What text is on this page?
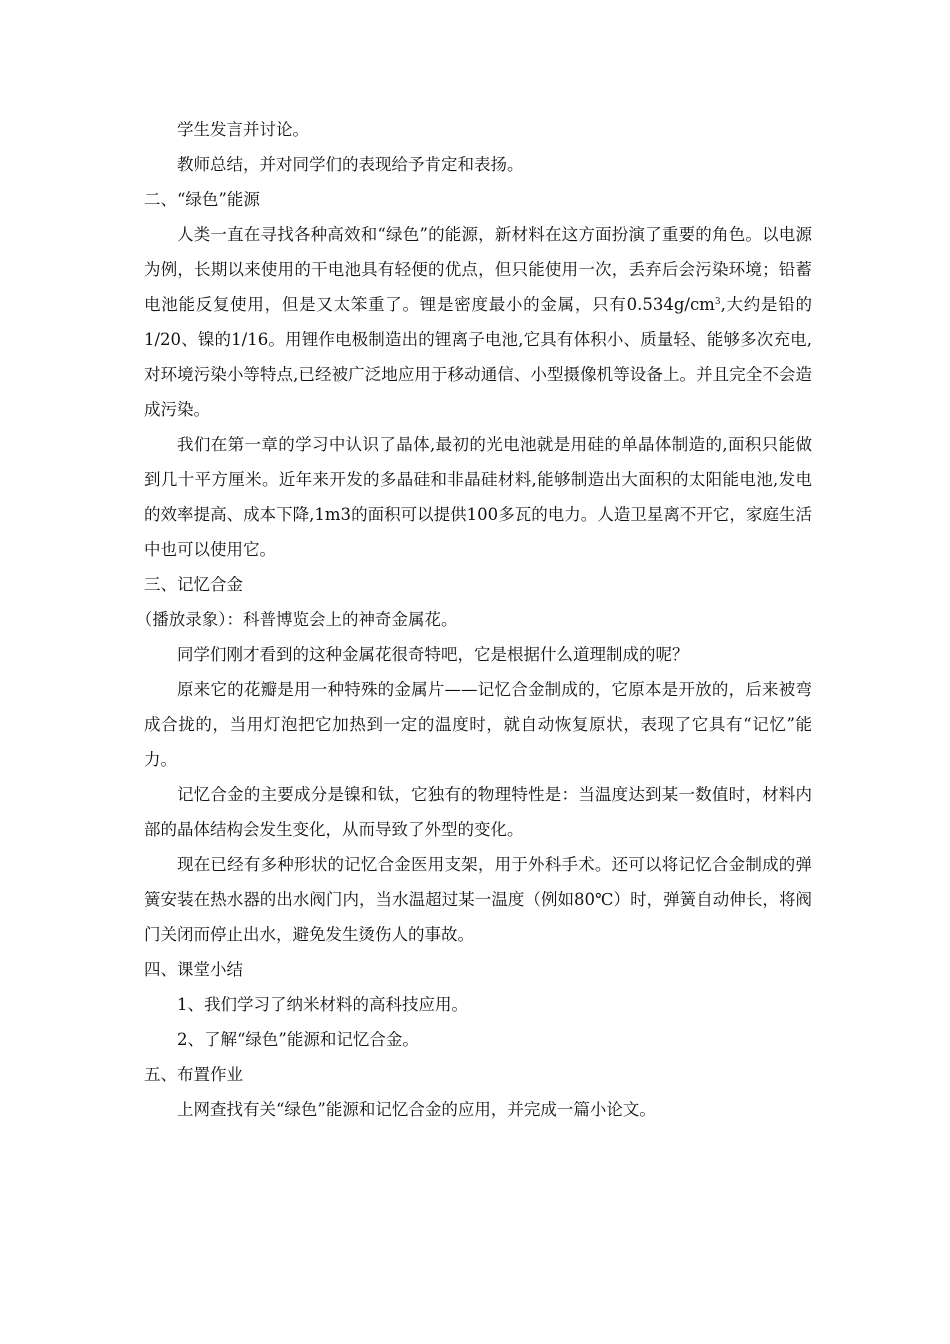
学生发言并讨论。

教师总结，并对同学们的表现给予肯定和表扬。

二、“绿色”能源

人类一直在寻找各种高效和“绿色”的能源，新材料在这方面扮演了重要的角色。以电源为例，长期以来使用的干电池具有轻便的优点，但只能使用一次，丢弃后会污染环境；铅蓄电池能反复使用，但是又太笨重了。锂是密度最小的金属，只有$0.534g/cm^3$,大约是铅的1/20、镍的1/16。用锂作电极制造出的锂离子电池,它具有体积小、质量轻、能够多次充电,对环境污染小等特点,已经被广泛地应用于移动通信、小型摄像机等设备上。并且完全不会造成污染。

我们在第一章的学习中认识了晶体,最初的光电池就是用硅的单晶体制造的,面积只能做到几十平方厘米。近年来开发的多晶硅和非晶硅材料,能够制造出大面积的太阳能电池,发电的效率提高、成本下降,1m3的面积可以提供100多瓦的电力。人造卫星离不开它，家庭生活中也可以使用它。

三、记忆合金

（播放录象）：科普博览会上的神奇金属花。

同学们刚才看到的这种金属花很奇特吧，它是根据什么道理制成的呢？

原来它的花瓣是用一种特殊的金属片——记忆合金制成的，它原本是开放的，后来被弯成合拢的，当用灯泡把它加热到一定的温度时，就自动恢复原状，表现了它具有“记忆”能力。

记忆合金的主要成分是镍和钛，它独有的物理特性是：当温度达到某一数值时，材料内部的晶体结构会发生变化，从而导致了外型的变化。

现在已经有多种形状的记忆合金医用支架，用于外科手术。还可以将记忆合金制成的弹簧安装在热水器的出水阀门内，当水温超过某一温度（例如80℃）时，弹簧自动伸长，将阀门关闭而停止出水，避免发生烫伤人的事故。

四、课堂小结

1、我们学习了纳米材料的高科技应用。

2、了解“绿色”能源和记忆合金。

五、布置作业

上网查找有关“绿色”能源和记忆合金的应用，并完成一篇小论文。
